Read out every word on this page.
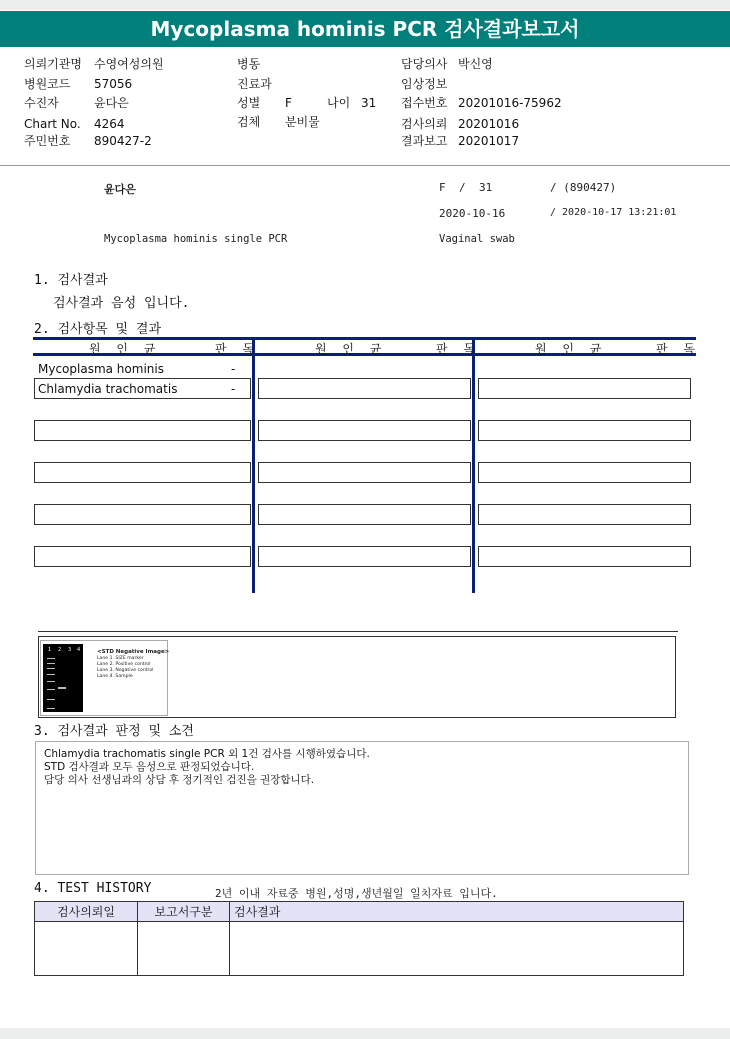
Mycoplasma hominis PCR 검사결과보고서
의뢰기관명 수영여성의원
병원코드 57056
수진자	윤다은
Chart No. 4264
주민번호 890427-2
병동
진료과
성별 F	나이 31
검체 분비물
담당의사 박신영
임상정보
접수번호 20201016-75962
검사의뢰 20201016
결과보고 20201017
윤다은	F / 31	/ (890427)
2020-10-16	/ 2020-10-17 13:21:01
Mycoplasma hominis single PCR	Vaginal swab
1. 검사결과
검사결과 음성 입니다.
2. 검사항목 및 결과
원 인 균	판 독	원 인 균	판 독	원 인 균	판 독
Mycoplasma hominis	-
Chlamydia trachomatis	-
1 2 3 4	<STD Negative Image>
Lane 1. SIZE marker
Lane 2. Positive control
Lane 3. Negative control
Lane 4. Sample
3. 검사결과 판정 및 소견
Chlamydia trachomatis single PCR 외 1건 검사를 시행하였습니다.
STD 검사결과 모두 음성으로 판정되었습니다.
담당 의사 선생님과의 상담 후 정기적인 검진을 권장합니다.
4. TEST HISTORY	2년 이내 자료중 병원,성명,생년월일 일치자료 입니다.
검사의뢰일	보고서구분	검사결과
